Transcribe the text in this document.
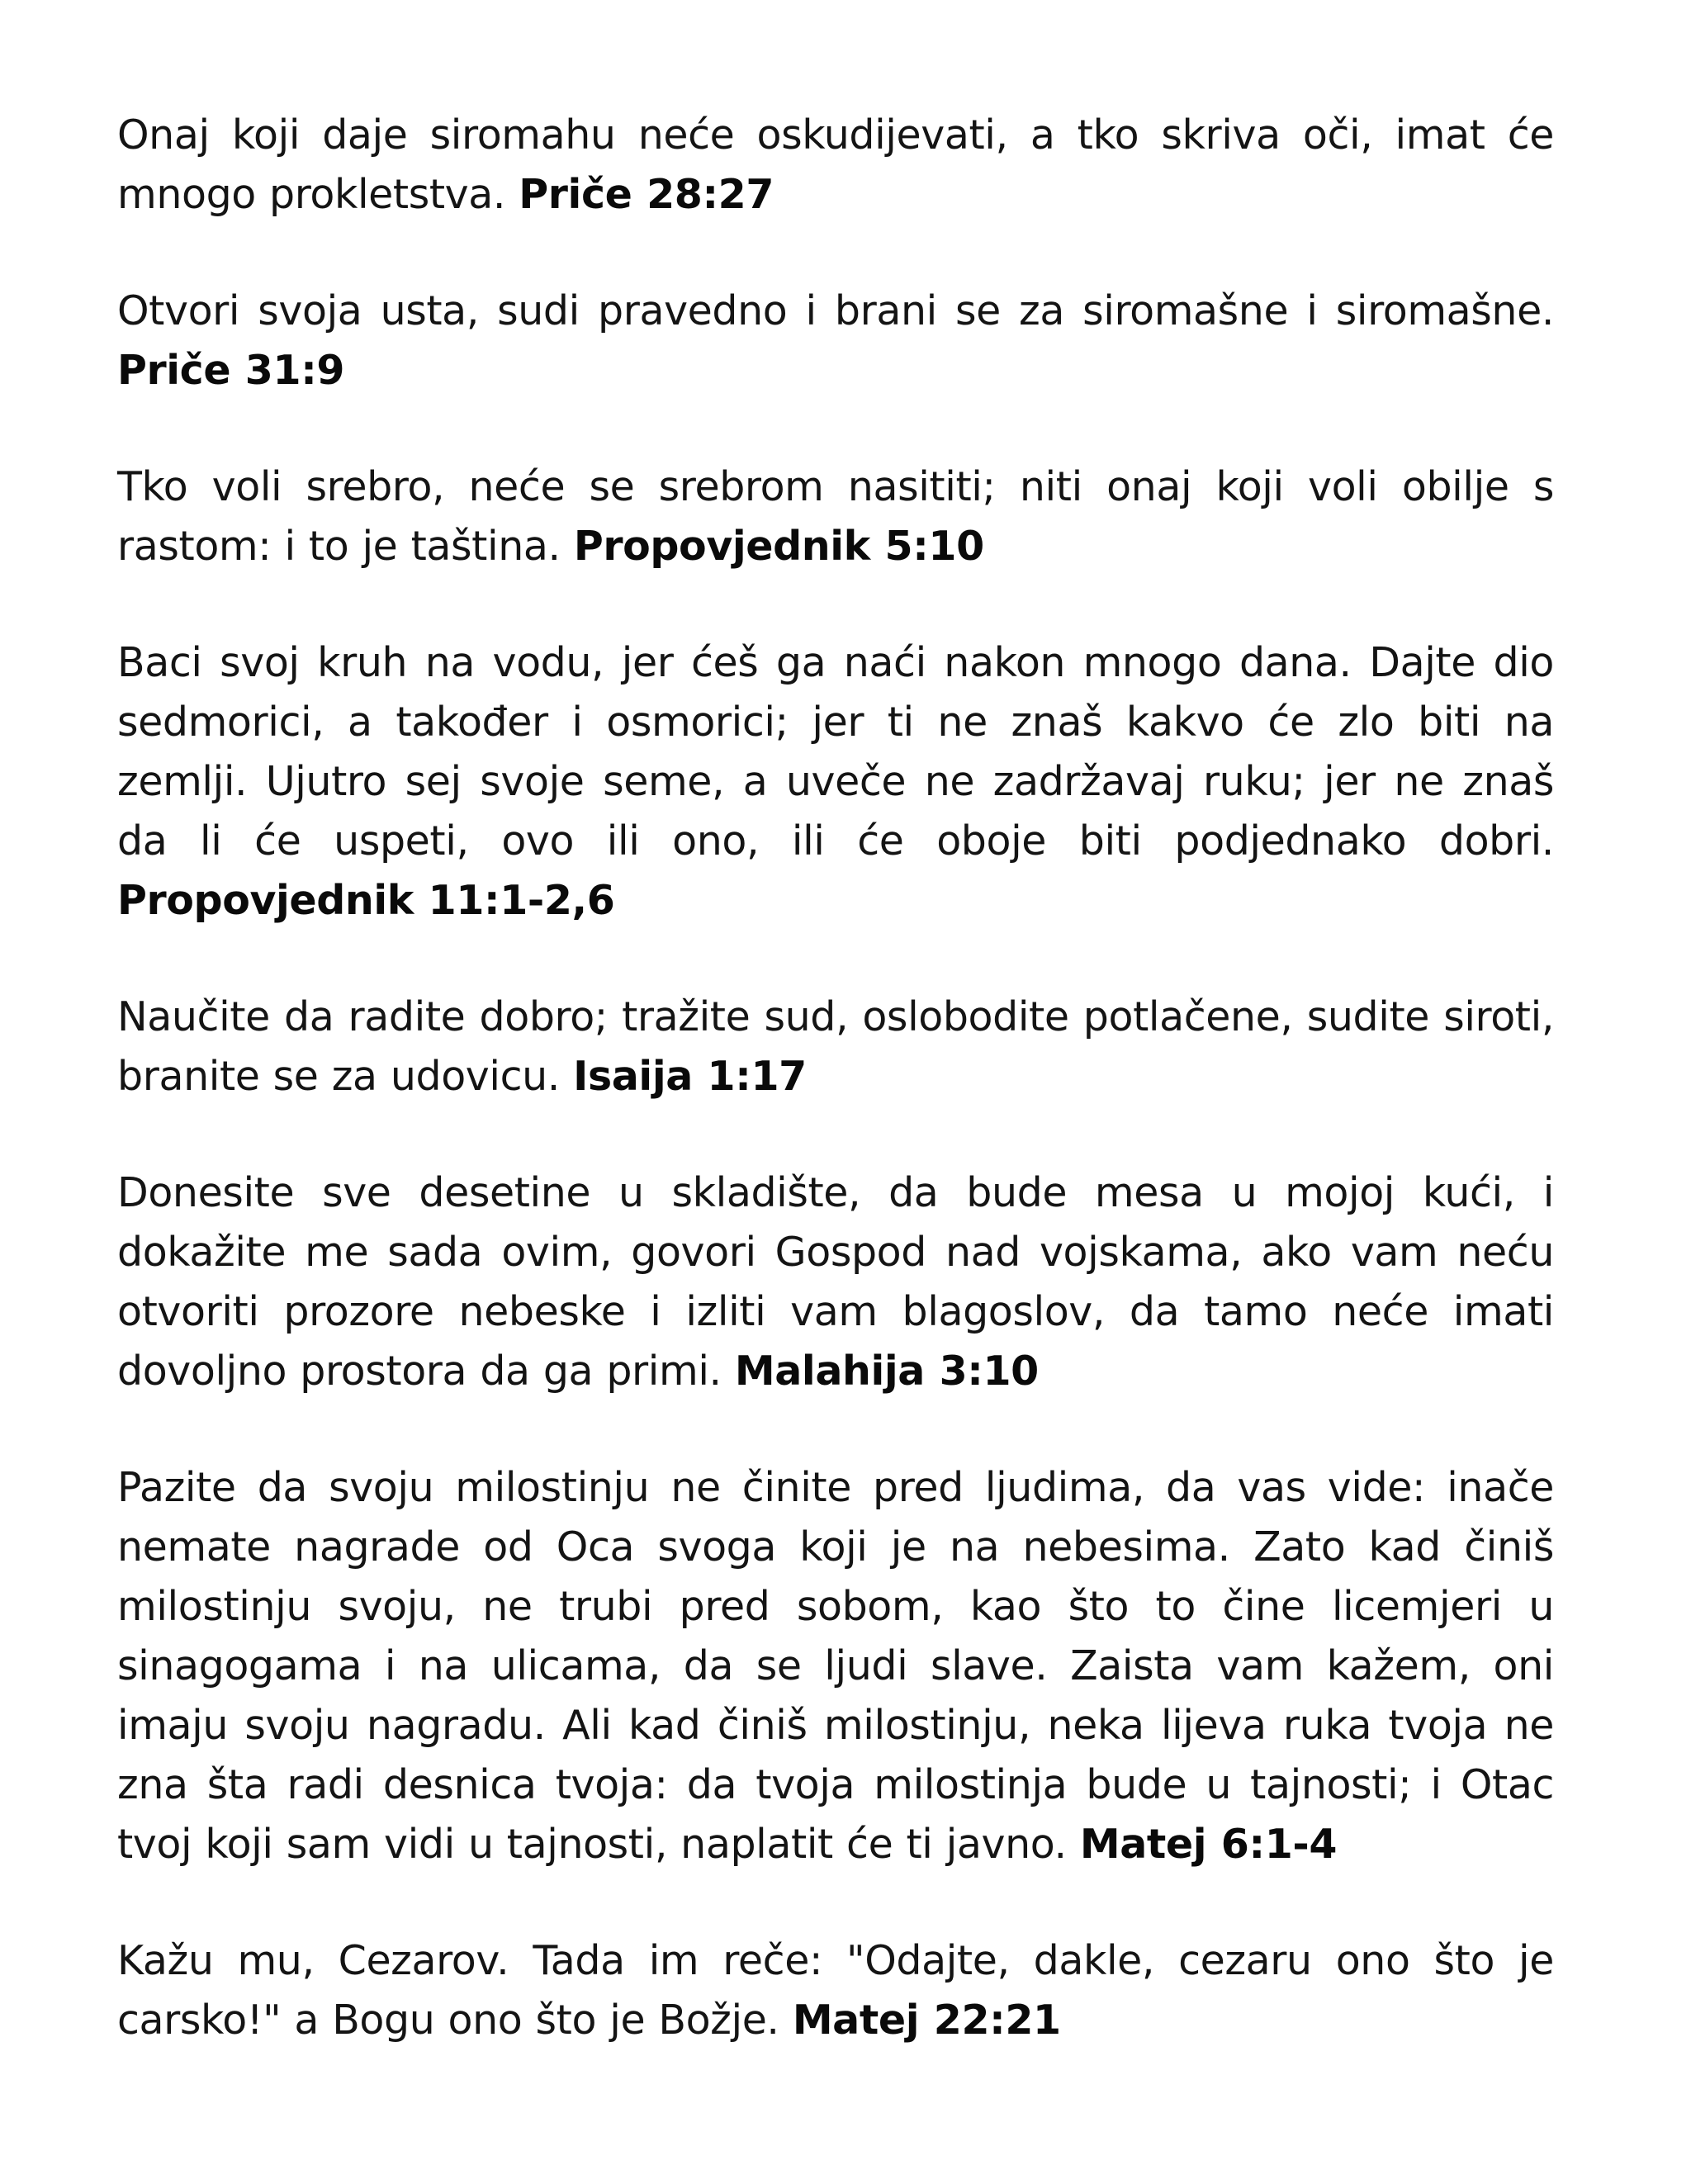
Onaj koji daje siromahu neće oskudijevati, a tko skriva oči, imat će mnogo prokletstva. Priče 28:27

Otvori svoja usta, sudi pravedno i brani se za siromašne i siromašne. Priče 31:9

Tko voli srebro, neće se srebrom nasititi; niti onaj koji voli obilje s rastom: i to je taština. Propovjednik 5:10

Baci svoj kruh na vodu, jer ćeš ga naći nakon mnogo dana. Dajte dio sedmorici, a također i osmorici; jer ti ne znaš kakvo će zlo biti na zemlji. Ujutro sej svoje seme, a uveče ne zadržavaj ruku; jer ne znaš da li će uspeti, ovo ili ono, ili će oboje biti podjednako dobri. Propovjednik 11:1-2,6

Naučite da radite dobro; tražite sud, oslobodite potlačene, sudite siroti, branite se za udovicu. Isaija 1:17

Donesite sve desetine u skladište, da bude mesa u mojoj kući, i dokažite me sada ovim, govori Gospod nad vojskama, ako vam neću otvoriti prozore nebeske i izliti vam blagoslov, da tamo neće imati dovoljno prostora da ga primi. Malahija 3:10

Pazite da svoju milostinju ne činite pred ljudima, da vas vide: inače nemate nagrade od Oca svoga koji je na nebesima. Zato kad činiš milostinju svoju, ne trubi pred sobom, kao što to čine licemjeri u sinagogama i na ulicama, da se ljudi slave. Zaista vam kažem, oni imaju svoju nagradu. Ali kad činiš milostinju, neka lijeva ruka tvoja ne zna šta radi desnica tvoja: da tvoja milostinja bude u tajnosti; i Otac tvoj koji sam vidi u tajnosti, naplatit će ti javno. Matej 6:1-4

Kažu mu, Cezarov. Tada im reče: "Odajte, dakle, cezaru ono što je carsko!" a Bogu ono što je Božje. Matej 22:21
